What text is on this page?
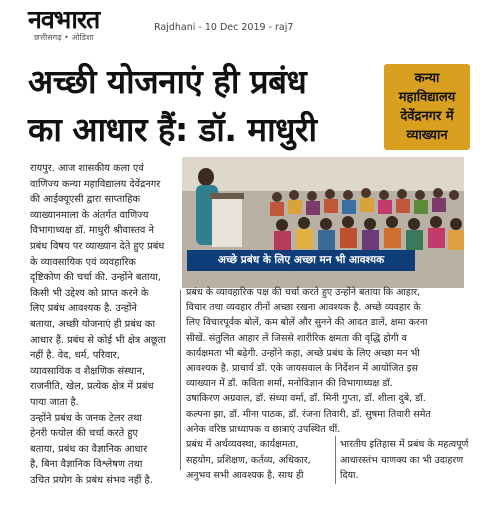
नवभारत
छत्तीसगढ़ • ओडिशा
Rajdhani - 10 Dec 2019 - raj7
अच्छी योजनाएं ही प्रबंध
का आधार हैं: डॉ. माधुरी
कन्या
महाविद्यालय
देवेंद्रनगर में
व्याख्यान
अच्छे प्रबंध के लिए अच्छा मन भी आवश्यक

रायपुर. आज शासकीय कला एवं

वाणिज्य कन्या महाविद्यालय देवेंद्रनगर

की आईक्यूएसी द्वारा साप्ताहिक

व्याख्यानमाला के अंतर्गत वाणिज्य

विभागाध्यक्ष डॉ. माधुरी श्रीवास्तव ने

प्रबंध विषय पर व्याख्यान देते हुए प्रबंध

के व्यावसायिक एवं व्यवहारिक

दृष्टिकोण की चर्चा की. उन्होंने बताया,

किसी भी उद्देश्य को प्राप्त करने के

लिए प्रबंध आवश्यक है. उन्होंने

बताया, अच्छी योजनाएं ही प्रबंध का

आधार हैं. प्रबंध से कोई भी क्षेत्र अछूता

नहीं है. वेद, धर्म, परिवार,

व्यावसायिक व शैक्षणिक संस्थान,

राजनीति, खेल, प्रत्येक क्षेत्र में प्रबंध

पाया जाता है.

उन्होंने प्रबंध के जनक टेलर तथा

हेनरी फयोल की चर्चा करते हुए

बताया, प्रबंध का वैज्ञानिक आधार

है, बिना वैज्ञानिक विश्लेषण तथा

उचित प्रयोग के प्रबंध संभव नहीं है.

प्रबंध के व्यावहारिक पक्ष की चर्चा करते हुए उन्होंने बताया कि आहार,

विचार तथा व्यवहार तीनों अच्छा रखना आवश्यक है. अच्छे व्यवहार के

लिए विचारपूर्वक बोलें, कम बोलें और सुनने की आदत डालें, क्षमा करना

सीखें. संतुलित आहार लें जिससे शारीरिक क्षमता की वृद्धि होगी व

कार्यक्षमता भी बढ़ेगी. उन्होंने कहा, अच्छे प्रबंध के लिए अच्छा मन भी

आवश्यक है. प्राचार्य डॉ. एके जायसवाल के निर्देशन में आयोजित इस

व्याख्यान में डॉ. कविता शर्मा, मनोविज्ञान की विभागाध्यक्ष डॉ.

उषाकिरण अग्रवाल, डॉ. संध्या वर्मा, डॉ. मिनी गुप्ता, डॉ. शीला दुबे, डॉ.

कल्पना झा, डॉ. मीना पाठक, डॉ. रंजना तिवारी, डॉ. सुषमा तिवारी समेत

अनेक वरिष्ठ प्राध्यापक व छात्राएं उपस्थित थीं.

प्रबंध में अर्थव्यवस्था, कार्यक्षमता,

सहयोग, प्रशिक्षण, कर्तव्य, अधिकार,

अनुभव सभी आवश्यक है. साथ ही

भारतीय इतिहास में प्रबंध के महत्वपूर्ण

आधारस्तंभ चाणक्य का भी उदाहरण

दिया.
